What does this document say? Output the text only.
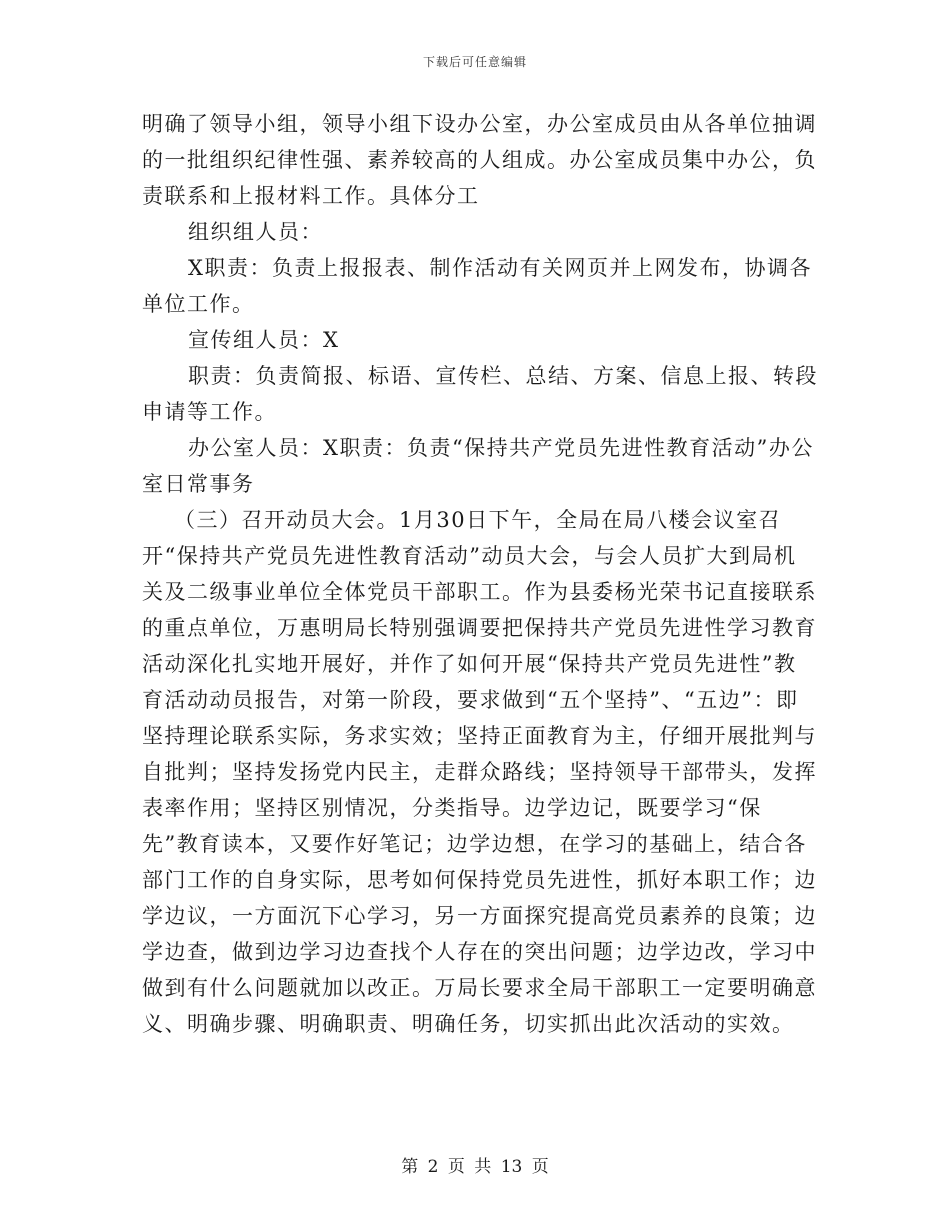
下载后可任意编辑

明确了领导小组，领导小组下设办公室，办公室成员由从各单位抽调的一批组织纪律性强、素养较高的人组成。办公室成员集中办公，负责联系和上报材料工作。具体分工

组织组人员：

X职责：负责上报报表、制作活动有关网页并上网发布，协调各单位工作。

宣传组人员：X

职责：负责简报、标语、宣传栏、总结、方案、信息上报、转段申请等工作。

办公室人员：X职责：负责“保持共产党员先进性教育活动”办公室日常事务

（三）召开动员大会。1月30日下午，全局在局八楼会议室召开“保持共产党员先进性教育活动”动员大会，与会人员扩大到局机关及二级事业单位全体党员干部职工。作为县委杨光荣书记直接联系的重点单位，万惠明局长特别强调要把保持共产党员先进性学习教育活动深化扎实地开展好，并作了如何开展“保持共产党员先进性”教育活动动员报告，对第一阶段，要求做到“五个坚持”、“五边”：即坚持理论联系实际，务求实效；坚持正面教育为主，仔细开展批判与自批判；坚持发扬党内民主，走群众路线；坚持领导干部带头，发挥表率作用；坚持区别情况，分类指导。边学边记，既要学习“保先”教育读本，又要作好笔记；边学边想，在学习的基础上，结合各部门工作的自身实际，思考如何保持党员先进性，抓好本职工作；边学边议，一方面沉下心学习，另一方面探究提高党员素养的良策；边学边查，做到边学习边查找个人存在的突出问题；边学边改，学习中做到有什么问题就加以改正。万局长要求全局干部职工一定要明确意义、明确步骤、明确职责、明确任务，切实抓出此次活动的实效。

第 2 页 共 13 页
